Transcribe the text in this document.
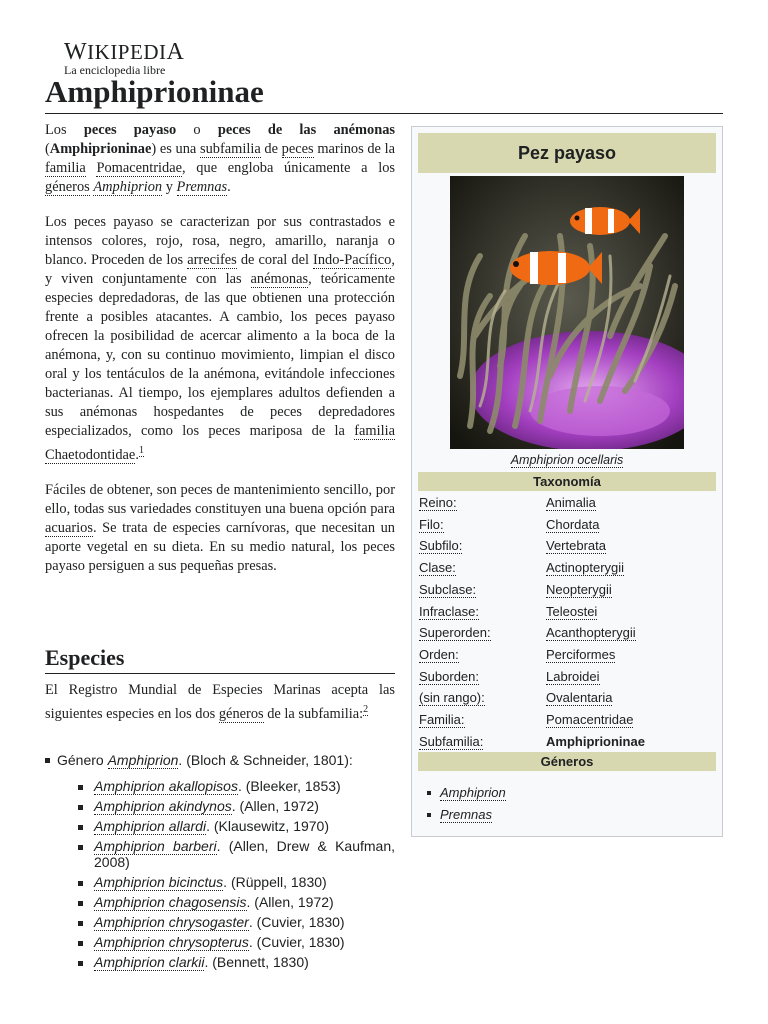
WIKIPEDIA
La enciclopedia libre
Amphiprioninae

Los peces payaso o peces de las anémonas (Amphiprioninae) es una subfamilia de peces marinos de la familia Pomacentridae, que engloba únicamente a los géneros Amphiprion y Premnas.

Los peces payaso se caracterizan por sus contrastados e intensos colores, rojo, rosa, negro, amarillo, naranja o blanco. Proceden de los arrecifes de coral del Indo-Pacífico, y viven conjuntamente con las anémonas, teóricamente especies depredadoras, de las que obtienen una protección frente a posibles atacantes. A cambio, los peces payaso ofrecen la posibilidad de acercar alimento a la boca de la anémona, y, con su continuo movimiento, limpian el disco oral y los tentáculos de la anémona, evitándole infecciones bacterianas. Al tiempo, los ejemplares adultos defienden a sus anémonas hospedantes de peces depredadores especializados, como los peces mariposa de la familia Chaetodontidae.$^1$

Fáciles de obtener, son peces de mantenimiento sencillo, por ello, todas sus variedades constituyen una buena opción para acuarios. Se trata de especies carnívoras, que necesitan un aporte vegetal en su dieta. En su medio natural, los peces payaso persiguen a sus pequeñas presas.

Especies

El Registro Mundial de Especies Marinas acepta las siguientes especies en los dos géneros de la subfamilia:$^2$

Género Amphiprion. (Bloch & Schneider, 1801):
Amphiprion akallopisos. (Bleeker, 1853)
Amphiprion akindynos. (Allen, 1972)
Amphiprion allardi. (Klausewitz, 1970)
Amphiprion barberi. (Allen, Drew & Kaufman, 2008)
Amphiprion bicinctus. (Rüppell, 1830)
Amphiprion chagosensis. (Allen, 1972)
Amphiprion chrysogaster. (Cuvier, 1830)
Amphiprion chrysopterus. (Cuvier, 1830)
Amphiprion clarkii. (Bennett, 1830)
Pez payaso
Amphiprion ocellaris
Taxonomía
Reino:	Animalia
Filo:	Chordata
Subfilo:	Vertebrata
Clase:	Actinopterygii
Subclase:	Neopterygii
Infraclase:	Teleostei
Superorden:	Acanthopterygii
Orden:	Perciformes
Suborden:	Labroidei
(sin rango):	Ovalentaria
Familia:	Pomacentridae
Subfamilia:	Amphiprioninae
Géneros
Amphiprion
Premnas
